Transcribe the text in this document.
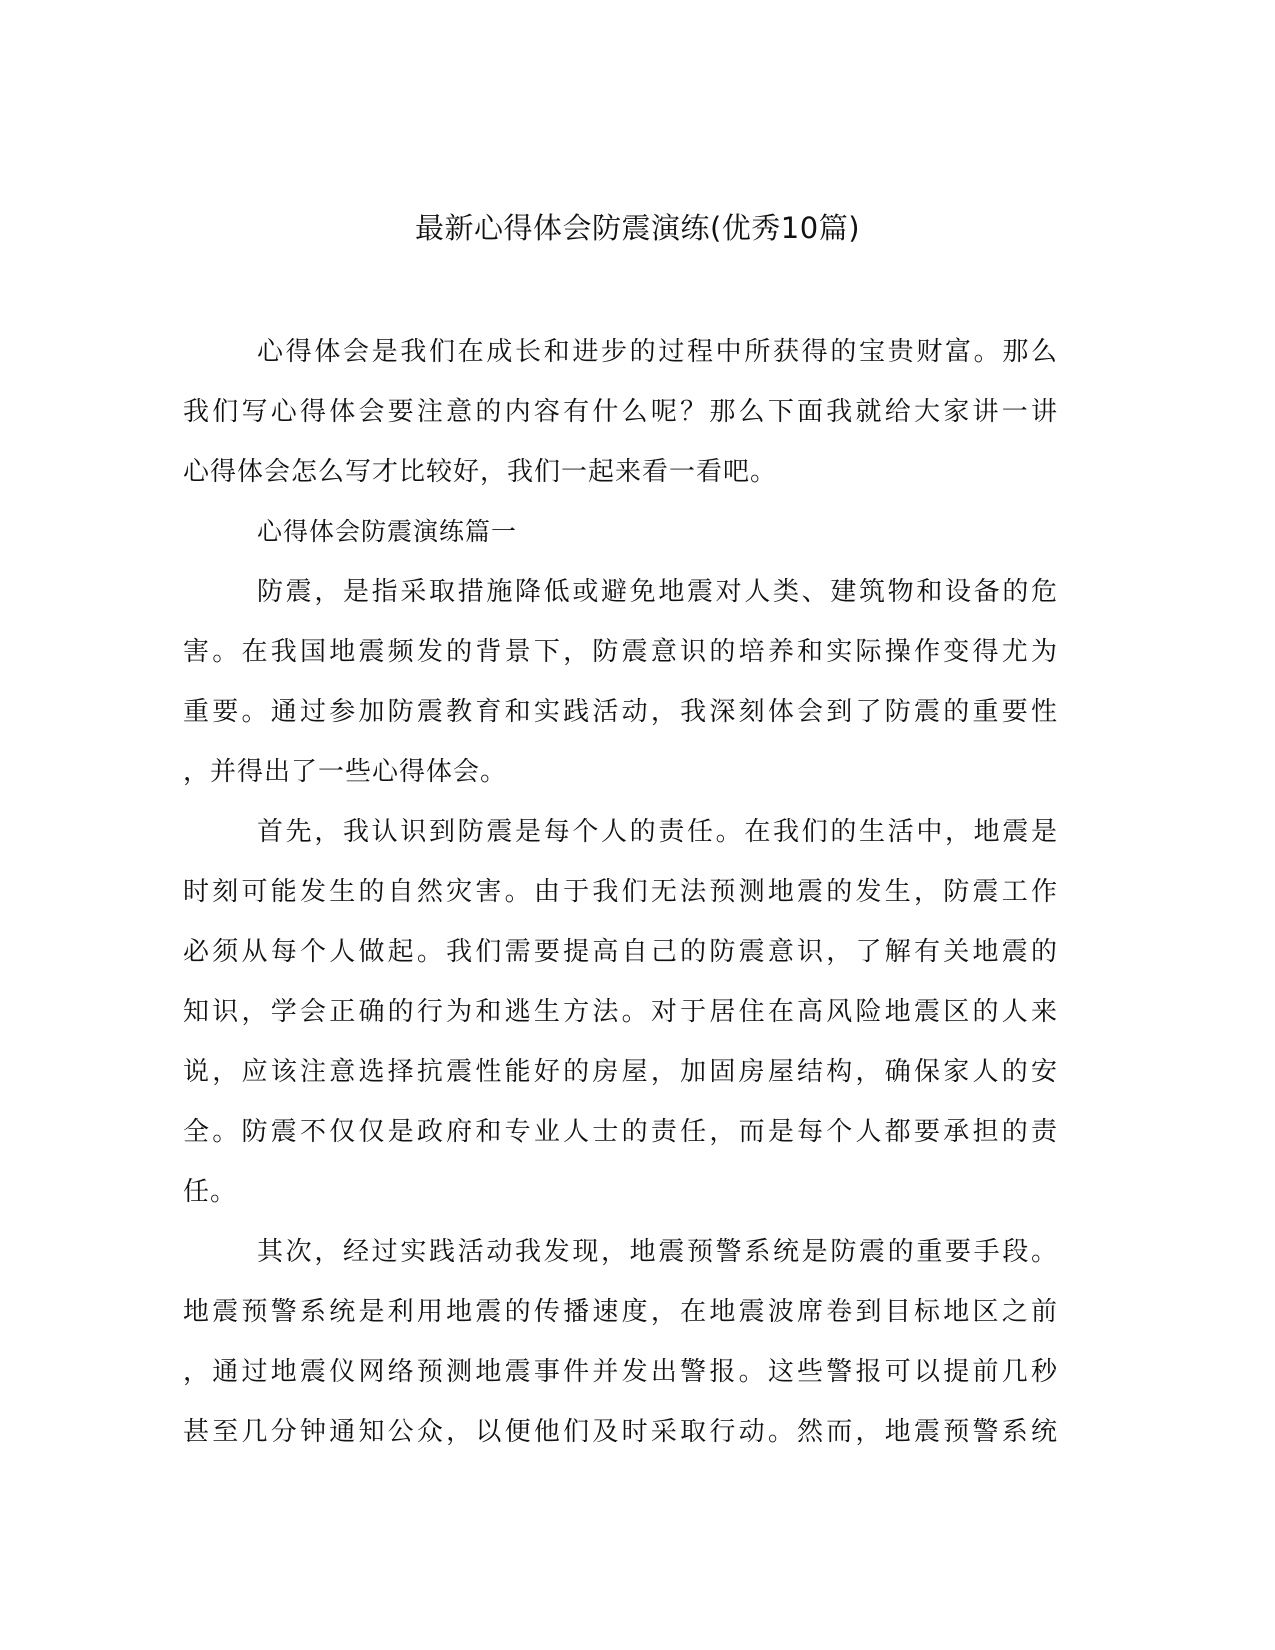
最新心得体会防震演练(优秀10篇)
心得体会是我们在成长和进步的过程中所获得的宝贵财富。那么
我们写心得体会要注意的内容有什么呢？那么下面我就给大家讲一讲
心得体会怎么写才比较好，我们一起来看一看吧。
心得体会防震演练篇一
防震，是指采取措施降低或避免地震对人类、建筑物和设备的危
害。在我国地震频发的背景下，防震意识的培养和实际操作变得尤为
重要。通过参加防震教育和实践活动，我深刻体会到了防震的重要性
，并得出了一些心得体会。
首先，我认识到防震是每个人的责任。在我们的生活中，地震是
时刻可能发生的自然灾害。由于我们无法预测地震的发生，防震工作
必须从每个人做起。我们需要提高自己的防震意识，了解有关地震的
知识，学会正确的行为和逃生方法。对于居住在高风险地震区的人来
说，应该注意选择抗震性能好的房屋，加固房屋结构，确保家人的安
全。防震不仅仅是政府和专业人士的责任，而是每个人都要承担的责
任。
其次，经过实践活动我发现，地震预警系统是防震的重要手段。
地震预警系统是利用地震的传播速度，在地震波席卷到目标地区之前
，通过地震仪网络预测地震事件并发出警报。这些警报可以提前几秒
甚至几分钟通知公众，以便他们及时采取行动。然而，地震预警系统
